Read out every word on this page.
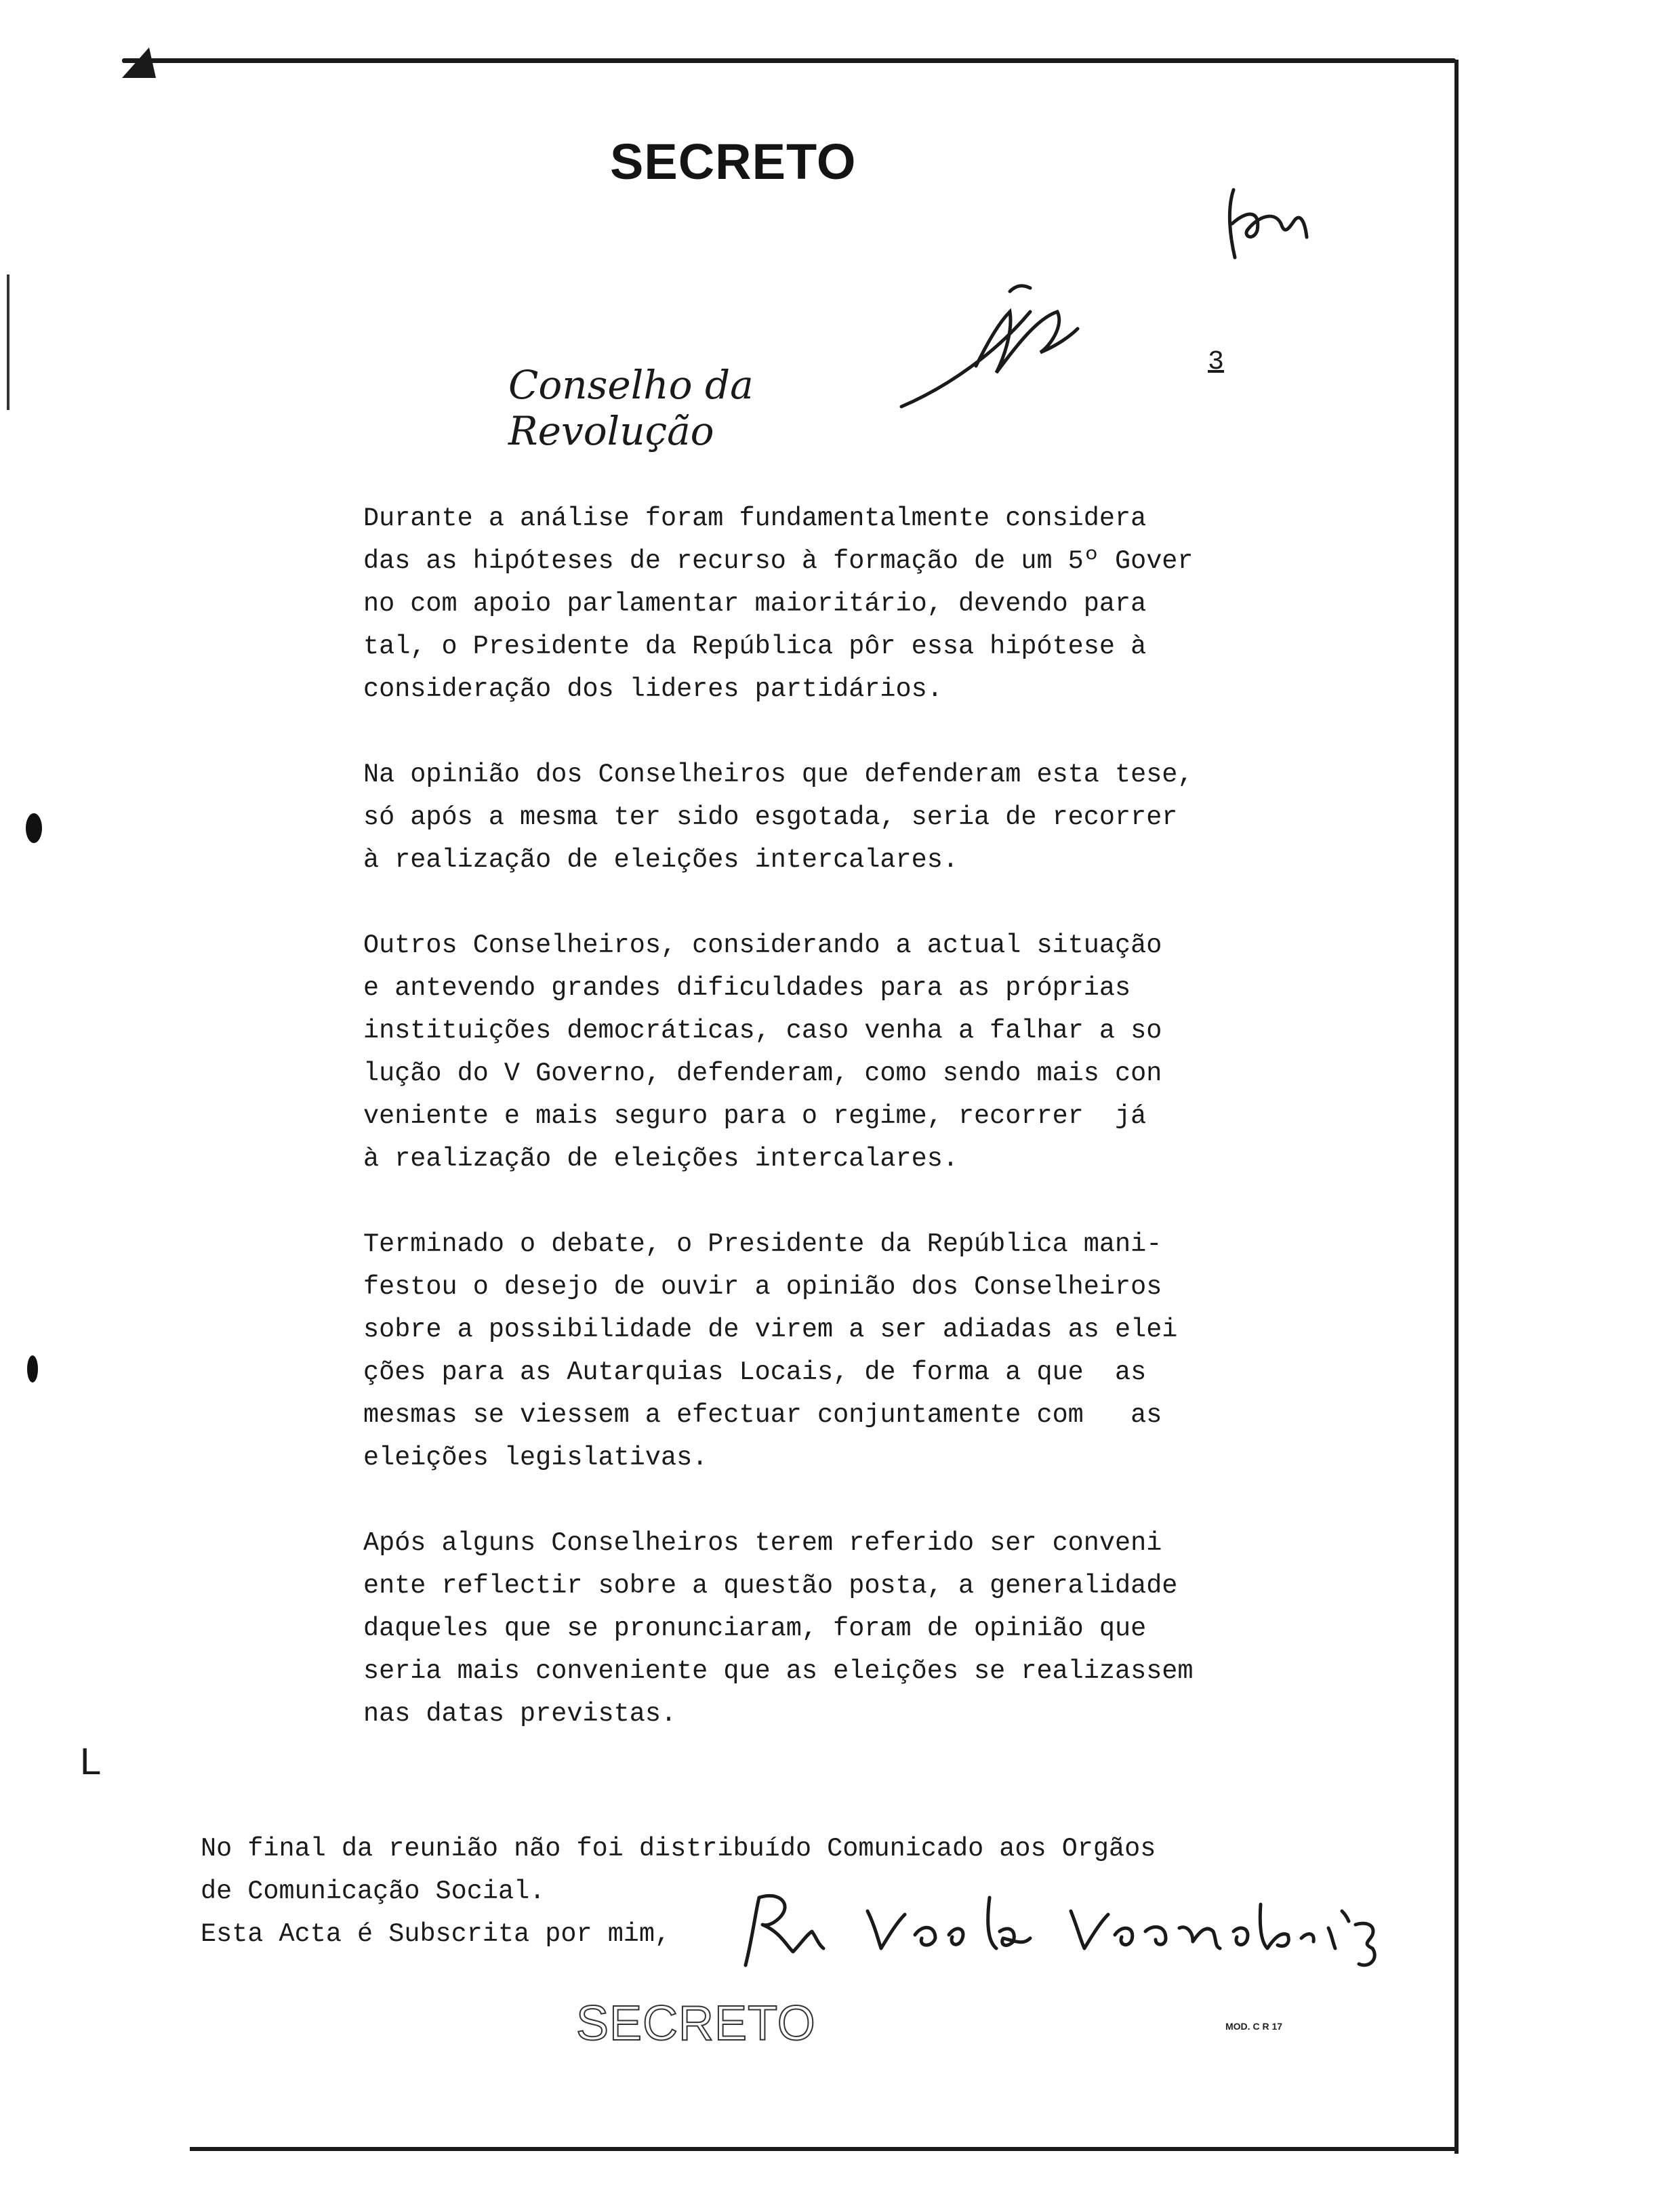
SECRETO
Conselho da Revolução
3

Durante a análise foram fundamentalmente considera
das as hipóteses de recurso à formação de um 5º Gover
no com apoio parlamentar maioritário, devendo para
tal, o Presidente da República pôr essa hipótese à
consideração dos lideres partidários.

Na opinião dos Conselheiros que defenderam esta tese,
só após a mesma ter sido esgotada, seria de recorrer
à realização de eleições intercalares.

Outros Conselheiros, considerando a actual situação
e antevendo grandes dificuldades para as próprias
instituições democráticas, caso venha a falhar a so
lução do V Governo, defenderam, como sendo mais con
veniente e mais seguro para o regime, recorrer  já
à realização de eleições intercalares.

Terminado o debate, o Presidente da República mani-
festou o desejo de ouvir a opinião dos Conselheiros
sobre a possibilidade de virem a ser adiadas as elei
ções para as Autarquias Locais, de forma a que  as
mesmas se viessem a efectuar conjuntamente com   as
eleições legislativas.

Após alguns Conselheiros terem referido ser conveni
ente reflectir sobre a questão posta, a generalidade
daqueles que se pronunciaram, foram de opinião que
seria mais conveniente que as eleições se realizassem
nas datas previstas.

L
No final da reunião não foi distribuído Comunicado aos Orgãos
de Comunicação Social.
Esta Acta é Subscrita por mim,
MOD. C R 17
SECRETO
